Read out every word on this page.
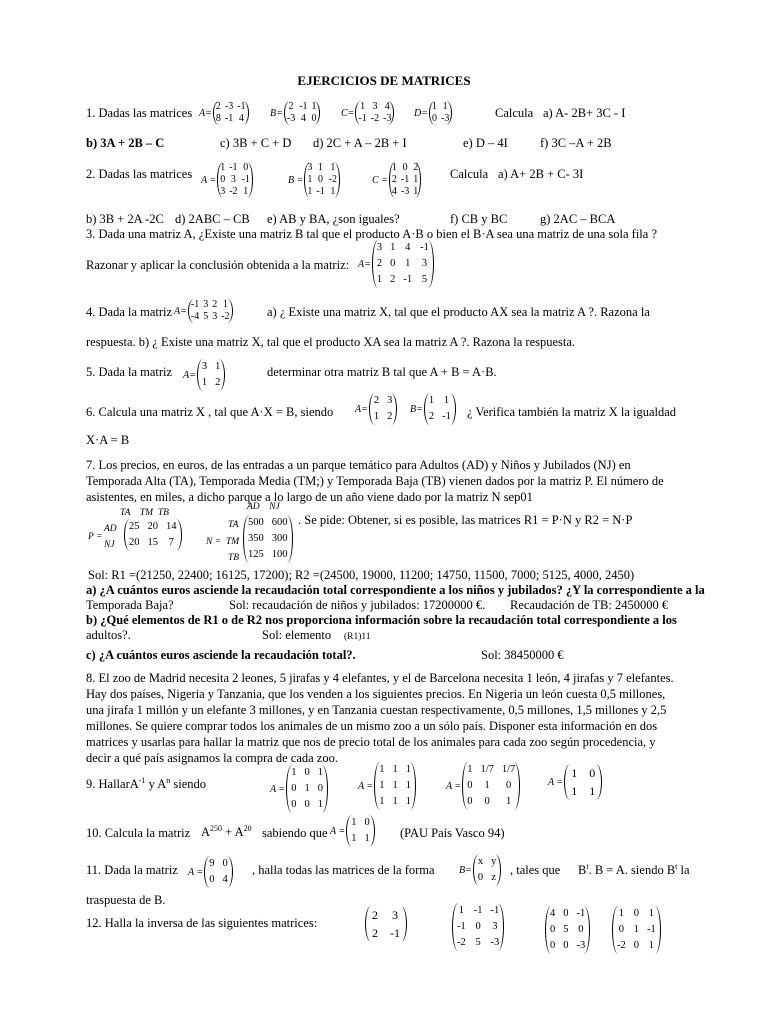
EJERCICIOS DE MATRICES
1. Dadas las matrices A=
2	-3	-1
8	-1	4	B=
2	-1	1
-3	4	0 C=
1	3	4
-1	-2	-3 D=
1	1
0	-3	Calcula a) A- 2B+ 3C - I
b) 3A + 2B – C	c) 3B + C + D d) 2C + A – 2B + I	e) D – 4I	f) 3C –A + 2B
2. Dadas las matrices A =
1	-1	0
0	3	-1
3	-2	1
B =
3	1	1
1	0	-2
1	-1	1
C =
1	0	2
2	-1	1
4	-3	1
Calcula a) A+ 2B + C- 3I
b) 3B + 2A -2C d) 2ABC – CB e) AB y BA, ¿son iguales?	f) CB y BC	g) 2AC – BCA
3. Dada una matriz A, ¿Existe una matriz B tal que el producto A·B o bien el B·A sea una matriz de una sola fila ?
Razonar y aplicar la conclusión obtenida a la matriz: A=
3	1	4	-1
2	0	1	3
1	2	-1	5
4. Dada la matriz A=
-1	3	2	1
-4	5	3	-2	a) ¿ Existe una matriz X, tal que el producto AX sea la matriz A ?. Razona la
respuesta. b) ¿ Existe una matriz X, tal que el producto XA sea la matriz A ?. Razona la respuesta.
5. Dada la matriz A=
3	1
1	2
determinar otra matriz B tal que A + B = A·B.
6. Calcula una matriz X , tal que A·X = B, siendo A=
2	3
1	2
B=
1	1
2	-1 ¿ Verifica también la matriz X la igualdad
X·A = B
7. Los precios, en euros, de las entradas a un parque temático para Adultos (AD) y Niños y Jubilados (NJ) en
Temporada Alta (TA), Temporada Media (TM;) y Temporada Baja (TB) vienen dados por la matriz P. El número de
asistentes, en miles, a dicho parque a lo largo de un año viene dado por la matriz N sep01
TA TM TB
P =
AD
NJ
25	20	14
20	15	7
AD NJ
TA
N = TM
TB
500	600
350	300
125	100
. Se pide: Obtener, si es posible, las matrices R1 = P·N y R2 = N·P
Sol: R1 =(21250, 22400; 16125, 17200); R2 =(24500, 19000, 11200; 14750, 11500, 7000; 5125, 4000, 2450)
a) ¿A cuántos euros asciende la recaudación total correspondiente a los niños y jubilados? ¿Y la correspondiente a la
Temporada Baja?	Sol: recaudación de niños y jubilados: 17200000 €. Recaudación de TB: 2450000 €
b) ¿Qué elementos de R1 o de R2 nos proporciona información sobre la recaudación total correspondiente a los
adultos?.	Sol: elemento (R1)11
c) ¿A cuántos euros asciende la recaudación total?.	Sol: 38450000 €
8. El zoo de Madrid necesita 2 leones, 5 jirafas y 4 elefantes, y el de Barcelona necesita 1 león, 4 jirafas y 7 elefantes.
Hay dos países, Nigeria y Tanzania, que los venden a los siguientes precios. En Nigeria un león cuesta 0,5 millones,
una jirafa 1 millón y un elefante 3 millones, y en Tanzania cuestan respectivamente, 0,5 millones, 1,5 millones y 2,5
millones. Se quiere comprar todos los animales de un mismo zoo a un sólo país. Disponer esta información en dos
matrices y usarlas para hallar la matriz que nos de precio total de los animales para cada zoo según procedencia, y
decir a qué país asignamos la compra de cada zoo.
9. HallarA$^{-1}$ y $A^n$ siendo	A =
1	0	1
0	1	0
0	0	1
A =
1	1	1
1	1	1
1	1	1
A =
1	1/7	1/7
0	1	0
0	0	1
A =
1	0
1	1
10. Calcula la matriz $A^{250} + A^{20}$ sabiendo que A =
1	0
1	1 (PAU País Vasco 94)
11. Dada la matriz A =
9	0
0	4
, halla todas las matrices de la forma B=
x	y
0	z
, tales que $B^t$. B = A. siendo $B^t$ la
traspuesta de B.
12. Halla la inversa de las siguientes matrices:
2	3
2	-1
1	-1	-1
-1	0	3
-2	5	-3
4	0	-1
0	5	0
0	0	-3
1	0	1
0	1	-1
-2	0	1
